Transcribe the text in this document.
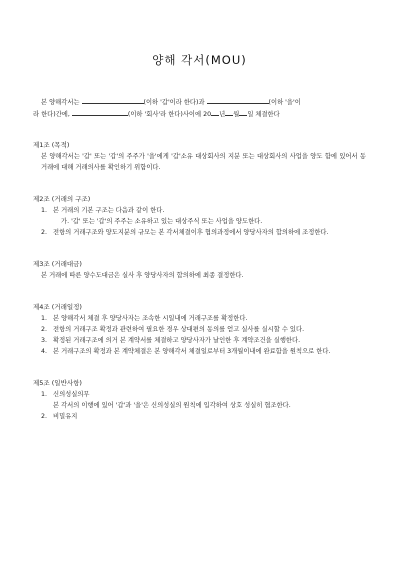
양해 각서(MOU)
본 양해각서는	(이하 '갑'이라 한다)과	(이하 '을'이
라 한다)간에,	(이하 '회사'라 한다)사이에 20 년 월 일 체결한다
제1조 (목적)
본 양해각서는 '갑' 또는 '갑'의 주주가 '을'에게 '갑'소유 대상회사의 지분 또는 대상회사의 사업을 양도 함에 있어서 동거래에 대해 거래의사를 확인하기 위함이다.
제2조 (거래의 구조)
1. 본 거래의 기본 구조는 다음과 같이 한다.
가. '갑' 또는 '갑'의 주주는 소유하고 있는 대상주식 또는 사업을 양도한다.
2. 전항의 거래구조와 양도지분의 규모는 본 각서체결이후 협의과정에서 양당사자의 합의하에 조정한다.
제3조 (거래대금)
본 거래에 따른 양수도대금은 실사 후 양당사자의 합의하에 최종 결정한다.
제4조 (거래일정)
1. 본 양해각서 체결 후 양당사자는 조속한 시일내에 거래구조를 확정한다.
2. 전항의 거래구조 확정과 관련하여 필요한 경우 상대편의 동의를 얻고 실사를 실시할 수 있다.
3. 확정된 거래구조에 의거 본 계약서를 체결하고 양당사자가 날인한 후 계약조건을 실행한다.
4. 본 거래구조의 확정과 본 계약체결은 본 양해각서 체결일로부터 3개월이내에 완료함을 원칙으로 한다.
제5조 (일반사항)
1. 신의성실의무
본 각서의 이행에 있어 '갑'과 '을'은 신의성실의 원칙에 입각하여 상호 성실히 협조한다.
2. 비밀유지
